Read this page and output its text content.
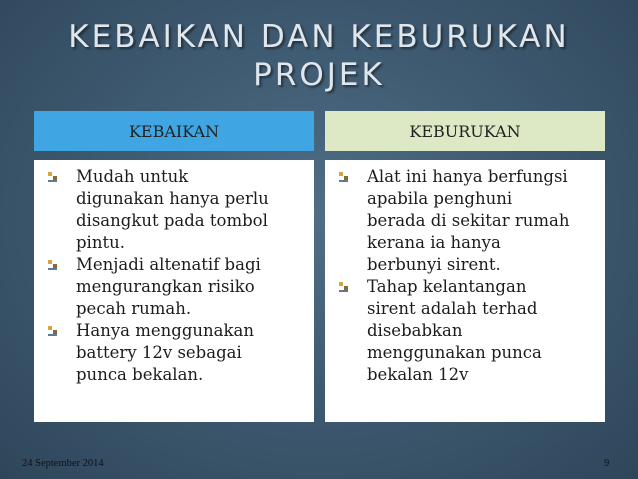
KEBAIKAN DAN KEBURUKAN
PROJEK
KEBAIKAN
Mudah untuk
digunakan hanya perlu
disangkut pada tombol
pintu.
Menjadi altenatif bagi
mengurangkan risiko
pecah rumah.
Hanya menggunakan
battery 12v sebagai
punca bekalan.
KEBURUKAN
Alat ini hanya berfungsi
apabila penghuni
berada di sekitar rumah
kerana ia hanya
berbunyi sirent.
Tahap kelantangan
sirent adalah terhad
disebabkan
menggunakan punca
bekalan 12v
24 September 2014	9
